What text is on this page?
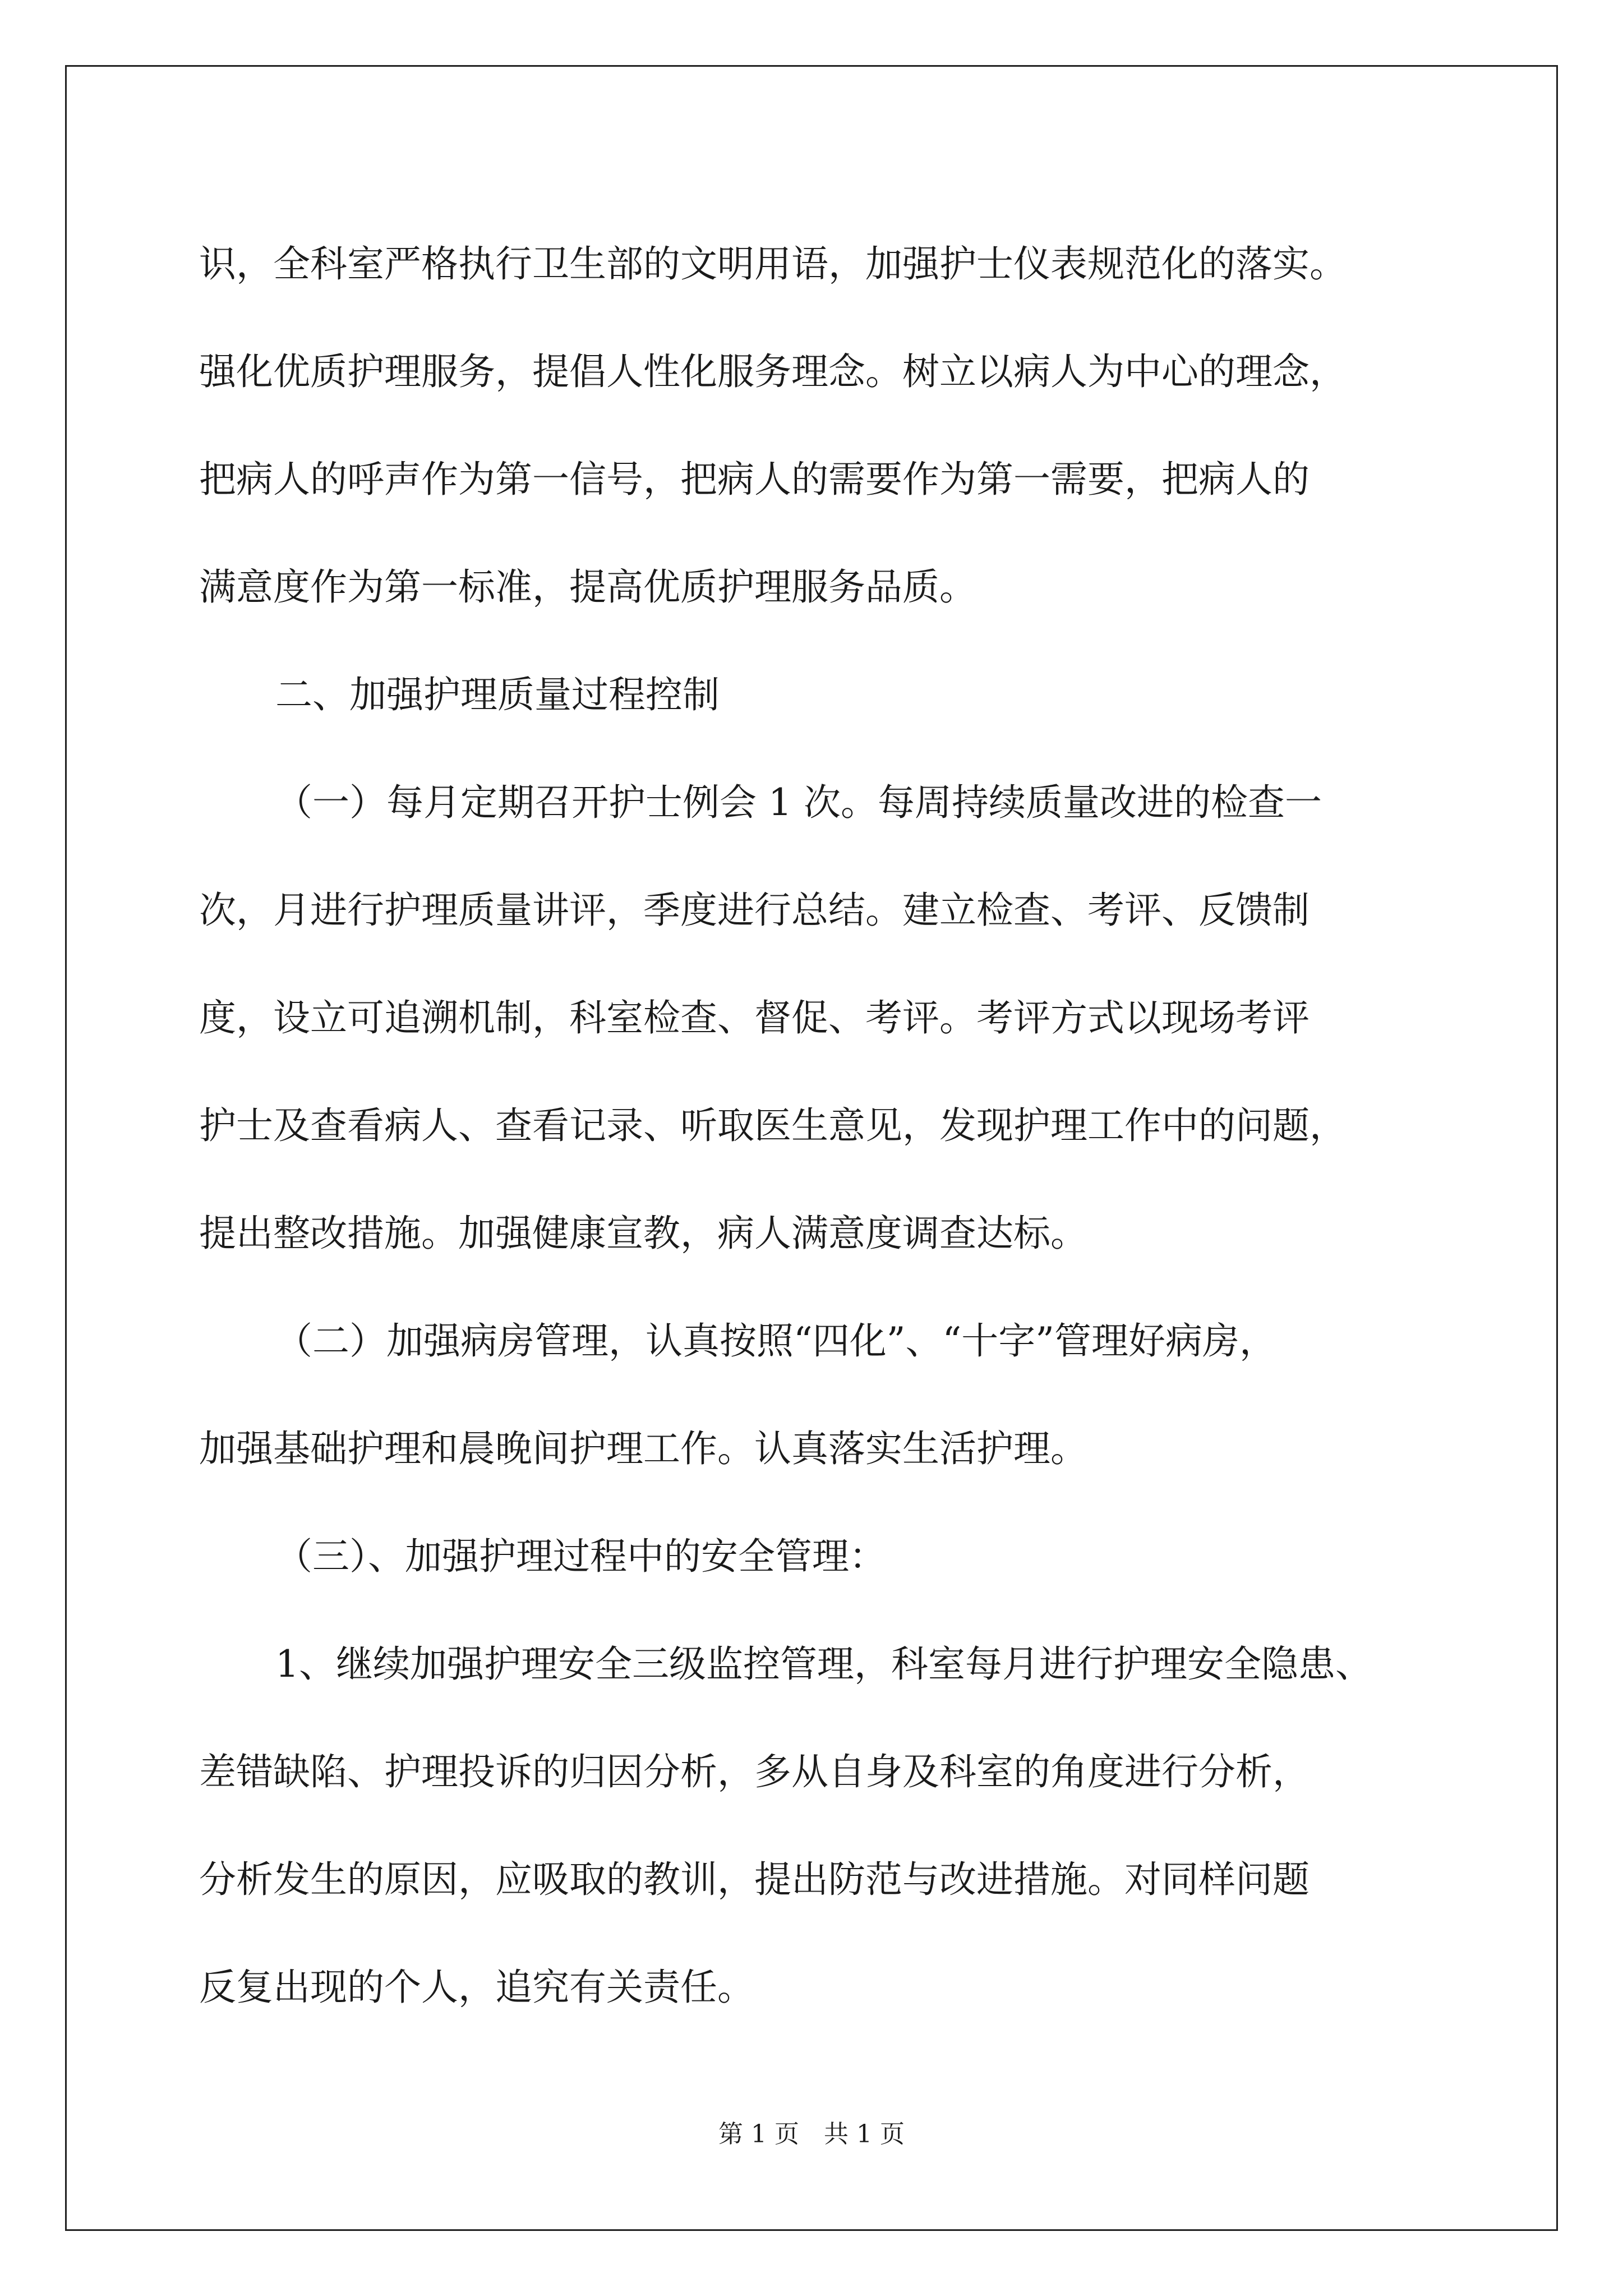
识，全科室严格执行卫生部的文明用语，加强护士仪表规范化的落实。
强化优质护理服务，提倡人性化服务理念。树立以病人为中心的理念，
把病人的呼声作为第一信号，把病人的需要作为第一需要，把病人的
满意度作为第一标准，提高优质护理服务品质。
二、加强护理质量过程控制
（一）每月定期召开护士例会 1 次。每周持续质量改进的检查一
次，月进行护理质量讲评，季度进行总结。建立检查、考评、反馈制
度，设立可追溯机制，科室检查、督促、考评。考评方式以现场考评
护士及查看病人、查看记录、听取医生意见，发现护理工作中的问题，
提出整改措施。加强健康宣教，病人满意度调查达标。
（二）加强病房管理，认真按照“四化”、“十字”管理好病房，
加强基础护理和晨晚间护理工作。认真落实生活护理。
（三）、加强护理过程中的安全管理：
1、继续加强护理安全三级监控管理，科室每月进行护理安全隐患、
差错缺陷、护理投诉的归因分析，多从自身及科室的角度进行分析，
分析发生的原因，应吸取的教训，提出防范与改进措施。对同样问题
反复出现的个人，追究有关责任。
第 1 页　共 1 页
